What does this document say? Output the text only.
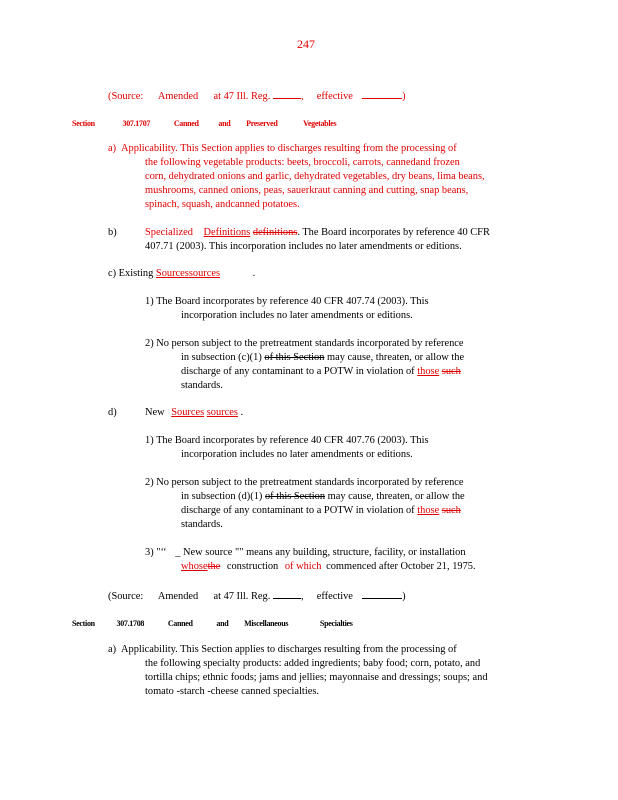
247
(Source: Amended at 47 Ill. Reg.	, effective	)
Section	307.1707	Canned and Preserved	Vegetables
a) Applicability. This Section applies to discharges resulting from the processing of
the following vegetable products: beets, broccoli, carrots, cannedand frozen
corn, dehydrated onions and garlic, dehydrated vegetables, dry beans, lima beans,
mushrooms, canned onions, peas, sauerkraut canning and cutting, snap beans,
spinach, squash, andcanned potatoes.
b)	Specialized Definitions definitions. The Board incorporates by reference 40 CFR
407.71 (2003). This incorporation includes no later amendments or editions.
c) Existing Sourcessources	.
1) The Board incorporates by reference 40 CFR 407.74 (2003). This
incorporation includes no later amendments or editions.
2) No person subject to the pretreatment standards incorporated by reference
in subsection (c)(1) of this Section may cause, threaten, or allow the
discharge of any contaminant to a POTW in violation of those such
standards.
d)	New Sources sources .
1) The Board incorporates by reference 40 CFR 407.76 (2003). This
incorporation includes no later amendments or editions.
2) No person subject to the pretreatment standards incorporated by reference
in subsection (d)(1) of this Section may cause, threaten, or allow the
discharge of any contaminant to a POTW in violation of those such
standards.
3) "‘‘ _ New source "" means any building, structure, facility, or installation
whosethe construction of which commenced after October 21, 1975.
(Source: Amended at 47 Ill. Reg.	, effective	)
Section	307.1708	Canned	and Miscellaneous	Specialties
a) Applicability. This Section applies to discharges resulting from the processing of
the following specialty products: added ingredients; baby food; corn, potato, and
tortilla chips; ethnic foods; jams and jellies; mayonnaise and dressings; soups; and
tomato -starch -cheese canned specialties.
